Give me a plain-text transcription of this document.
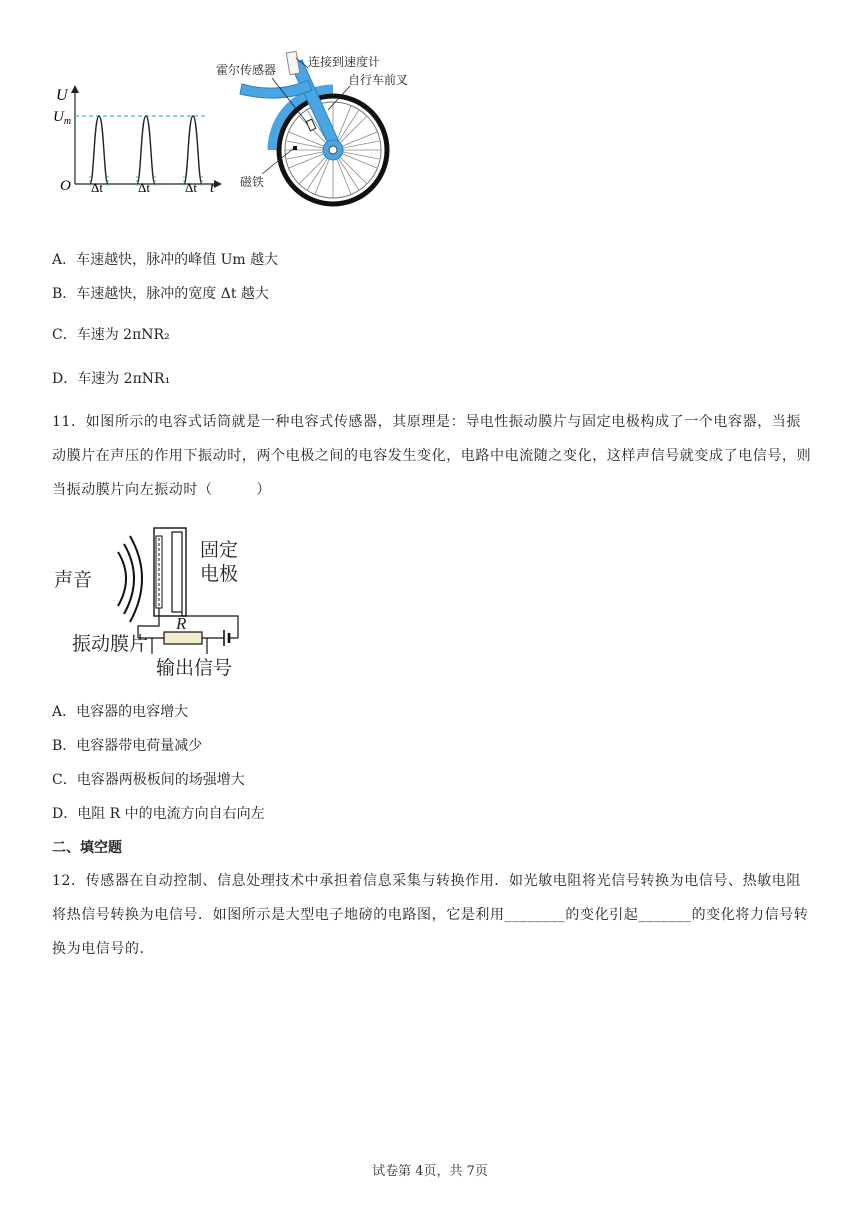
U
$U_m$
O	t
Δt	Δt	Δt
霍尔传感器
连接到速度计
自行车前叉
磁铁
A．车速越快，脉冲的峰值 Um 越大
B．车速越快，脉冲的宽度 Δt 越大
C．车速为 2πNR₂
D．车速为 2πNR₁
11．如图所示的电容式话筒就是一种电容式传感器，其原理是：导电性振动膜片与固定电极构成了一个电容器，当振动膜片在声压的作用下振动时，两个电极之间的电容发生变化，电路中电流随之变化，这样声信号就变成了电信号，则当振动膜片向左振动时（　　　）
声音
固定
电极
振动膜片
R
输出信号
A．电容器的电容增大
B．电容器带电荷量减少
C．电容器两极板间的场强增大
D．电阻 R 中的电流方向自右向左
二、填空题
12．传感器在自动控制、信息处理技术中承担着信息采集与转换作用．如光敏电阻将光信号转换为电信号、热敏电阻将热信号转换为电信号．如图所示是大型电子地磅的电路图，它是利用________的变化引起_______的变化将力信号转换为电信号的．
试卷第 4页，共 7页
